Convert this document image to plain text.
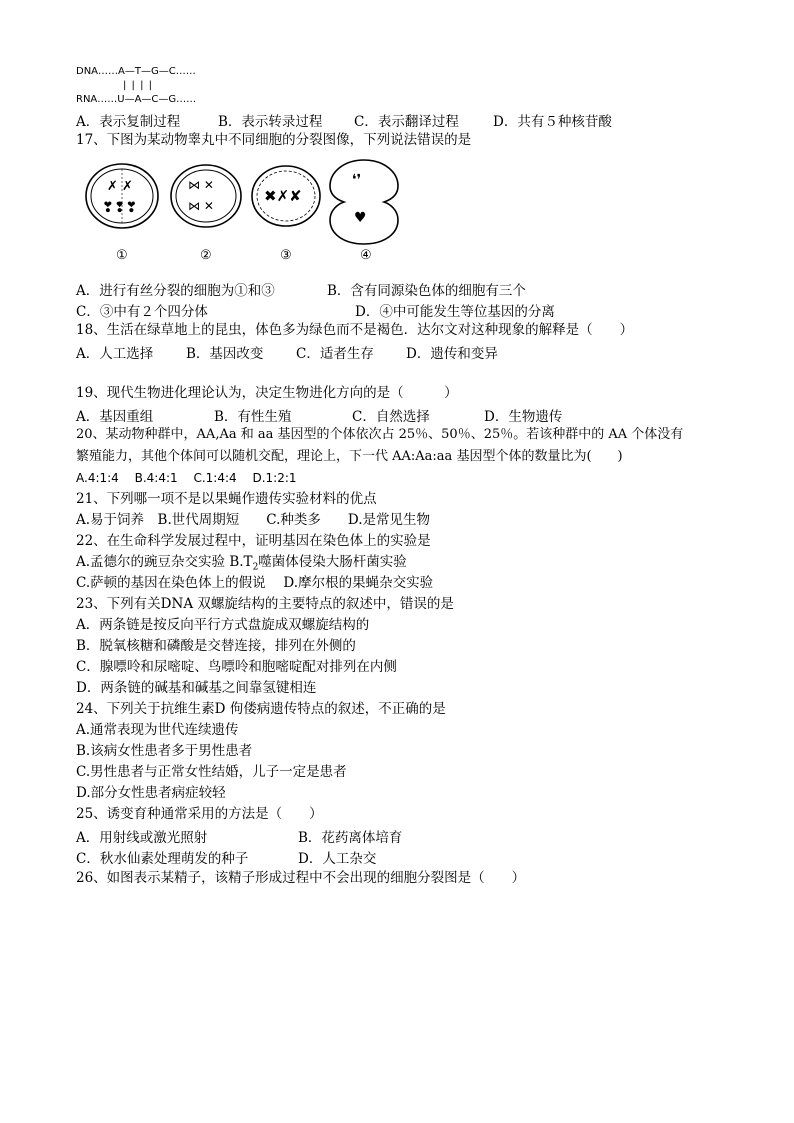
DNA……A—T—G—C……
| | | |
RNA……U—A—C—G……
A．表示复制过程	B．表示转录过程 C．表示翻译过程	D．共有５种核苷酸
17、下图为某动物睾丸中不同细胞的分裂图像，下列说法错误的是
✗ ✗
❣❢❣
⋈ ✕
⋈ ✕
✖✗✘
❛❜
♥
①	②	③	④
A．进行有丝分裂的细胞为①和③	B．含有同源染色体的细胞有三个
C．③中有２个四分体	D．④中可能发生等位基因的分离
18、生活在绿草地上的昆虫，体色多为绿色而不是褐色．达尔文对这种现象的解释是（　　）
A．人工选择 B．基因改变 C．适者生存 D．遗传和变异
19、现代生物进化理论认为，决定生物进化方向的是（　　　）
A．基因重组	B．有性生殖	C．自然选择	D．生物遗传
20、某动物种群中，AA,Aa 和 aa 基因型的个体依次占 25％、50％、25％。若该种群中的 AA 个体没有
繁殖能力，其他个体间可以随机交配，理论上，下一代 AA:Aa:aa 基因型个体的数量比为(　　)
A.4:1:4　 B.4:4:1　 C.1:4:4　 D.1:2:1
21、下列哪一项不是以果蝇作遗传实验材料的优点
A.易于饲养　B.世代周期短　　C.种类多　　D.是常见生物
22、在生命科学发展过程中，证明基因在染色体上的实验是
A.孟德尔的豌豆杂交实验 $B.T_2$噬菌体侵染大肠杆菌实验
C.萨顿的基因在染色体上的假说　 D.摩尔根的果蝇杂交实验
23、下列有关DNA 双螺旋结构的主要特点的叙述中，错误的是
A．两条链是按反向平行方式盘旋成双螺旋结构的
B．脱氧核糖和磷酸是交替连接，排列在外侧的
C．腺嘌呤和尿嘧啶、鸟嘌呤和胞嘧啶配对排列在内侧
D．两条链的碱基和碱基之间靠氢键相连
24、下列关于抗维生素D 佝偻病遗传特点的叙述，不正确的是
A.通常表现为世代连续遗传
B.该病女性患者多于男性患者
C.男性患者与正常女性结婚，儿子一定是患者
D.部分女性患者病症较轻
25、诱变育种通常采用的方法是（　　）
A．用射线或激光照射	B．花药离体培育
C．秋水仙素处理萌发的种子	D．人工杂交
26、如图表示某精子，该精子形成过程中不会出现的细胞分裂图是（　　）
